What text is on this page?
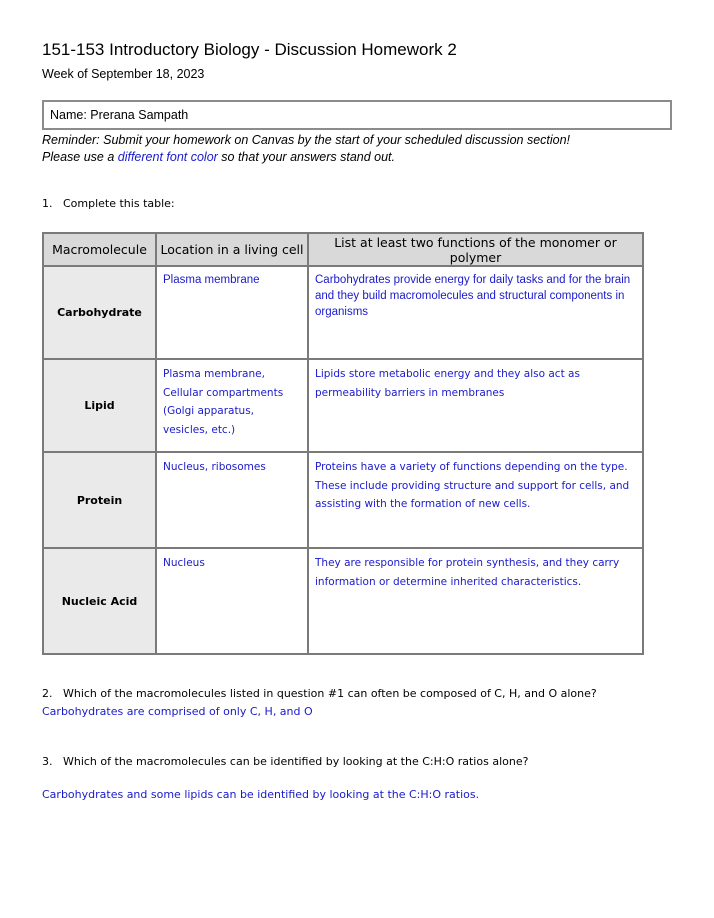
151-153 Introductory Biology - Discussion Homework 2
Week of September 18, 2023
Name: Prerana Sampath
Reminder: Submit your homework on Canvas by the start of your scheduled discussion section!
Please use a different font color so that your answers stand out.
1.   Complete this table:
Macromolecule	Location in a living cell	List at least two functions of the monomer or polymer
Carbohydrate	Plasma membrane	Carbohydrates provide energy for daily tasks and for the brain and they build macromolecules and structural components in organisms
Lipid	Plasma membrane, Cellular compartments (Golgi apparatus, vesicles, etc.)	Lipids store metabolic energy and they also act as permeability barriers in membranes
Protein	Nucleus, ribosomes	Proteins have a variety of functions depending on the type. These include providing structure and support for cells, and assisting with the formation of new cells.
Nucleic Acid	Nucleus	They are responsible for protein synthesis, and they carry information or determine inherited characteristics.
2.   Which of the macromolecules listed in question #1 can often be composed of C, H, and O alone?
Carbohydrates are comprised of only C, H, and O
3.   Which of the macromolecules can be identified by looking at the C:H:O ratios alone?
Carbohydrates and some lipids can be identified by looking at the C:H:O ratios.
